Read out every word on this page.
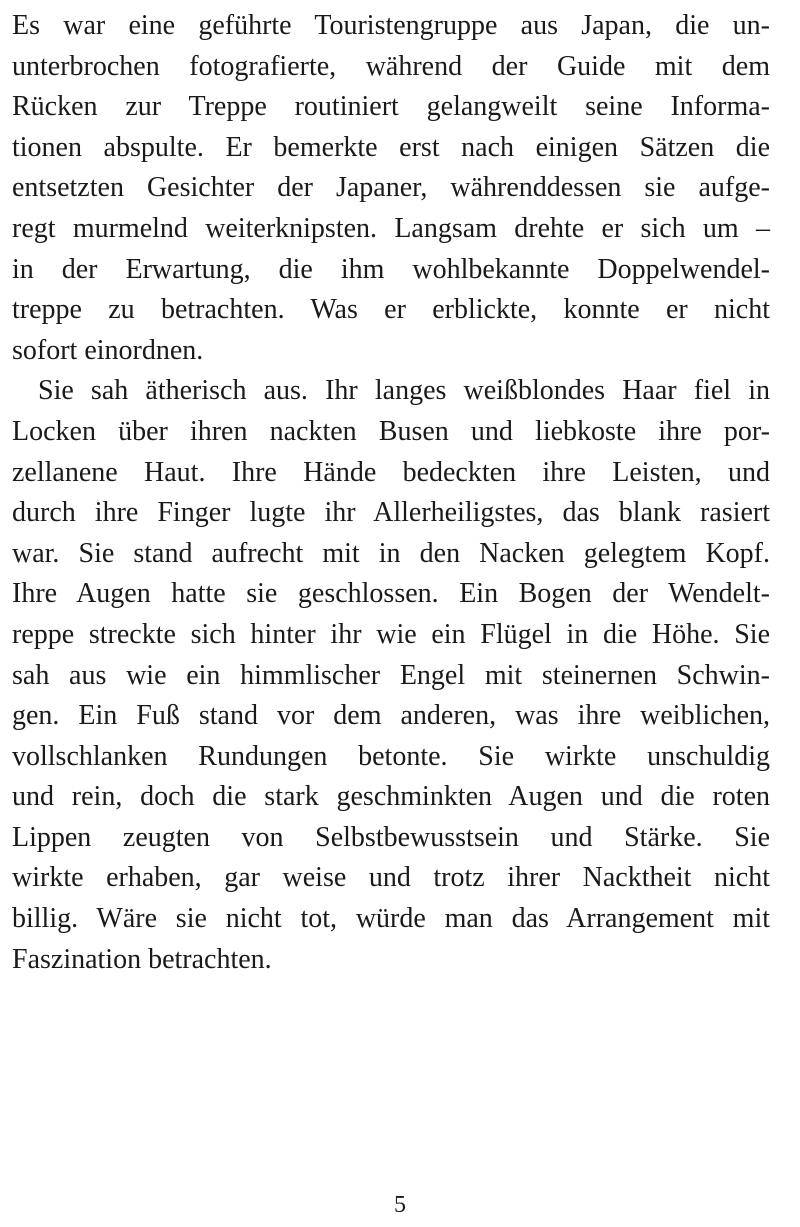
Es war eine geführte Touristengruppe aus Japan, die un-
unterbrochen fotografierte, während der Guide mit dem
Rücken zur Treppe routiniert gelangweilt seine Informa-
tionen abspulte. Er bemerkte erst nach einigen Sätzen die
entsetzten Gesichter der Japaner, währenddessen sie aufge-
regt murmelnd weiterknipsten. Langsam drehte er sich um –
in der Erwartung, die ihm wohlbekannte Doppelwendel-
treppe zu betrachten. Was er erblickte, konnte er nicht
sofort einordnen.
Sie sah ätherisch aus. Ihr langes weißblondes Haar fiel in
Locken über ihren nackten Busen und liebkoste ihre por-
zellanene Haut. Ihre Hände bedeckten ihre Leisten, und
durch ihre Finger lugte ihr Allerheiligstes, das blank rasiert
war. Sie stand aufrecht mit in den Nacken gelegtem Kopf.
Ihre Augen hatte sie geschlossen. Ein Bogen der Wendelt-
reppe streckte sich hinter ihr wie ein Flügel in die Höhe. Sie
sah aus wie ein himmlischer Engel mit steinernen Schwin-
gen. Ein Fuß stand vor dem anderen, was ihre weiblichen,
vollschlanken Rundungen betonte. Sie wirkte unschuldig
und rein, doch die stark geschminkten Augen und die roten
Lippen zeugten von Selbstbewusstsein und Stärke. Sie
wirkte erhaben, gar weise und trotz ihrer Nacktheit nicht
billig. Wäre sie nicht tot, würde man das Arrangement mit
Faszination betrachten.
5
